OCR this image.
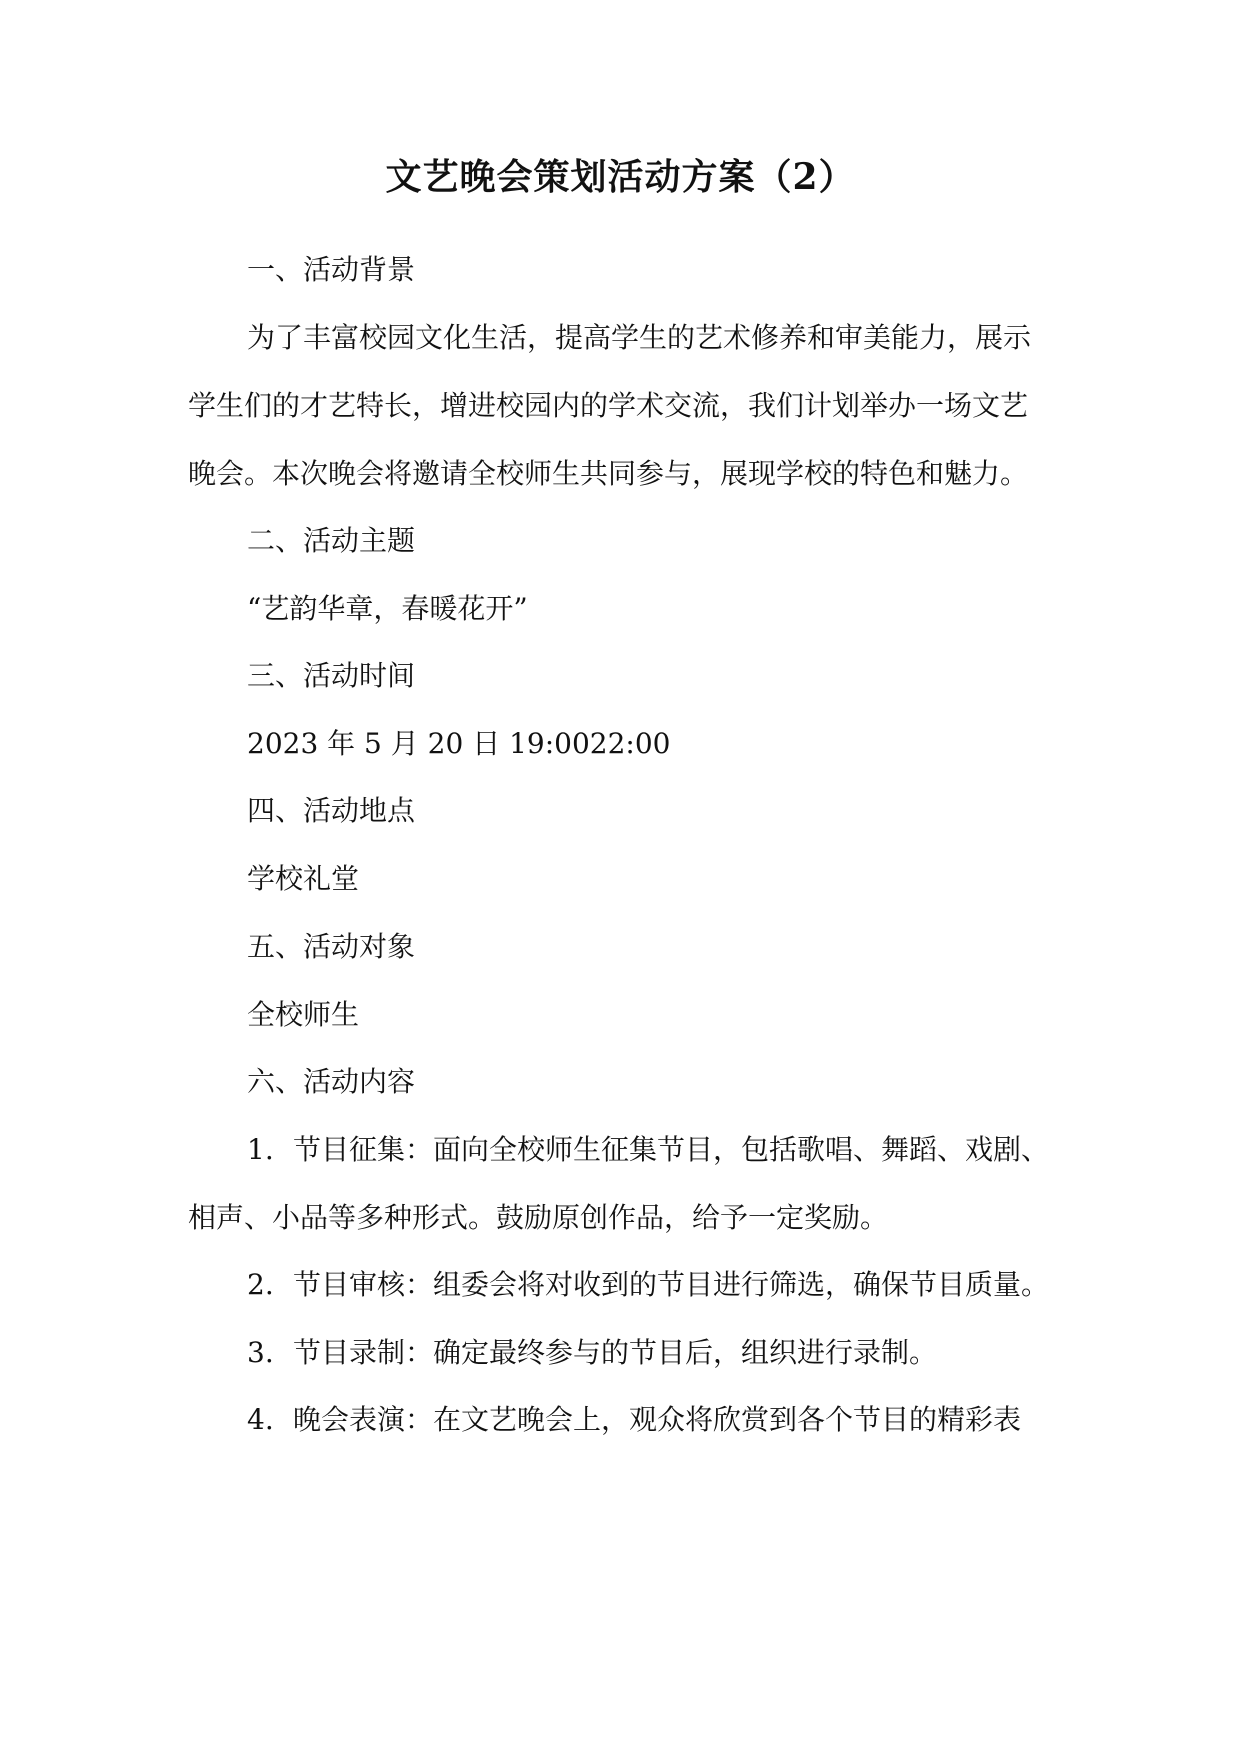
文艺晚会策划活动方案（2）
一、活动背景
为了丰富校园文化生活，提高学生的艺术修养和审美能力，展示
学生们的才艺特长，增进校园内的学术交流，我们计划举办一场文艺
晚会。本次晚会将邀请全校师生共同参与，展现学校的特色和魅力。
二、活动主题
“艺韵华章，春暖花开”
三、活动时间
2023 年 5 月 20 日 19:0022:00
四、活动地点
学校礼堂
五、活动对象
全校师生
六、活动内容
1. 节目征集：面向全校师生征集节目，包括歌唱、舞蹈、戏剧、
相声、小品等多种形式。鼓励原创作品，给予一定奖励。
2. 节目审核：组委会将对收到的节目进行筛选，确保节目质量。
3. 节目录制：确定最终参与的节目后，组织进行录制。
4. 晚会表演：在文艺晚会上，观众将欣赏到各个节目的精彩表
